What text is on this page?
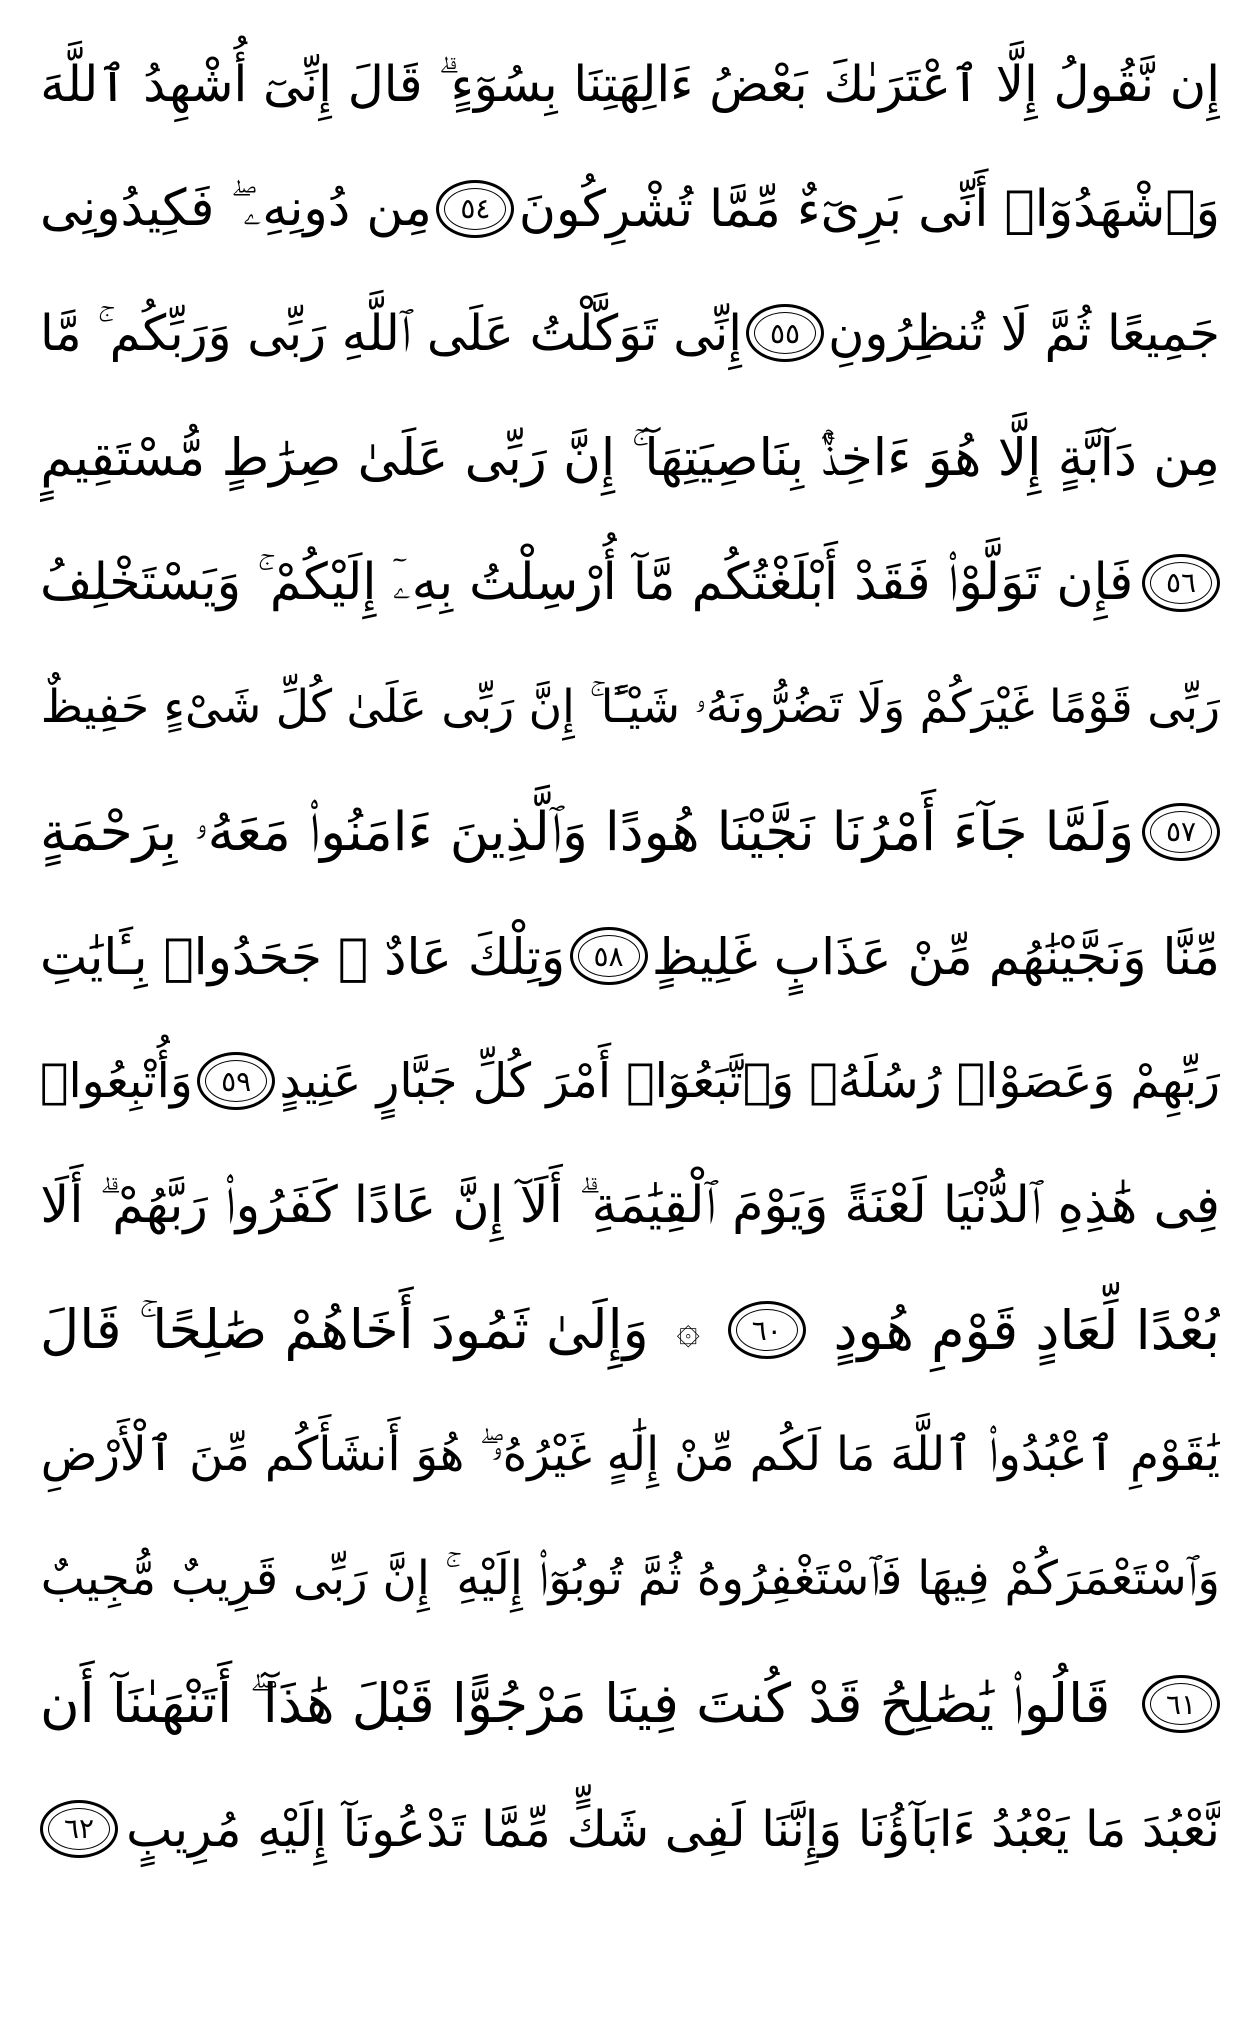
إِن نَّقُولُ إِلَّا ٱعْتَرَىٰكَ بَعْضُ ءَالِهَتِنَا بِسُوٓءٍ ۗ قَالَ إِنِّىٓ أُشْهِدُ ٱللَّهَ
وَٱشْهَدُوٓا۟ أَنِّى بَرِىٓءٌ مِّمَّا تُشْرِكُونَ
٥٤
مِن دُونِهِۦ ۖ فَكِيدُونِى
جَمِيعًا ثُمَّ لَا تُنظِرُونِ
٥٥
إِنِّى تَوَكَّلْتُ عَلَى ٱللَّهِ رَبِّى وَرَبِّكُم ۚ مَّا
مِن دَآبَّةٍ إِلَّا هُوَ ءَاخِذٌۢ بِنَاصِيَتِهَآ ۚ إِنَّ رَبِّى عَلَىٰ صِرَٰطٍ مُّسْتَقِيمٍ
٥٦
فَإِن تَوَلَّوْا۟ فَقَدْ أَبْلَغْتُكُم مَّآ أُرْسِلْتُ بِهِۦٓ إِلَيْكُمْ ۚ وَيَسْتَخْلِفُ
رَبِّى قَوْمًا غَيْرَكُمْ وَلَا تَضُرُّونَهُۥ شَيْـًٔا ۚ إِنَّ رَبِّى عَلَىٰ كُلِّ شَىْءٍ حَفِيظٌ
٥٧
وَلَمَّا جَآءَ أَمْرُنَا نَجَّيْنَا هُودًا وَٱلَّذِينَ ءَامَنُوا۟ مَعَهُۥ بِرَحْمَةٍ
مِّنَّا وَنَجَّيْنَٰهُم مِّنْ عَذَابٍ غَلِيظٍ
٥٨
وَتِلْكَ عَادٌ ۖ جَحَدُوا۟ بِـَٔايَٰتِ
رَبِّهِمْ وَعَصَوْا۟ رُسُلَهُۥ وَٱتَّبَعُوٓا۟ أَمْرَ كُلِّ جَبَّارٍ عَنِيدٍ
٥٩
وَأُتْبِعُوا۟
فِى هَٰذِهِ ٱلدُّنْيَا لَعْنَةً وَيَوْمَ ٱلْقِيَٰمَةِ ۗ أَلَآ إِنَّ عَادًا كَفَرُوا۟ رَبَّهُمْ ۗ أَلَا
بُعْدًا لِّعَادٍ قَوْمِ هُودٍ
٦٠
۞
وَإِلَىٰ ثَمُودَ أَخَاهُمْ صَٰلِحًا ۚ قَالَ
يَٰقَوْمِ ٱعْبُدُوا۟ ٱللَّهَ مَا لَكُم مِّنْ إِلَٰهٍ غَيْرُهُۥ ۖ هُوَ أَنشَأَكُم مِّنَ ٱلْأَرْضِ
وَٱسْتَعْمَرَكُمْ فِيهَا فَٱسْتَغْفِرُوهُ ثُمَّ تُوبُوٓا۟ إِلَيْهِ ۚ إِنَّ رَبِّى قَرِيبٌ مُّجِيبٌ
٦١
قَالُوا۟ يَٰصَٰلِحُ قَدْ كُنتَ فِينَا مَرْجُوًّا قَبْلَ هَٰذَآ ۖ أَتَنْهَىٰنَآ أَن
نَّعْبُدَ مَا يَعْبُدُ ءَابَآؤُنَا وَإِنَّنَا لَفِى شَكٍّ مِّمَّا تَدْعُونَآ إِلَيْهِ مُرِيبٍ
٦٢
